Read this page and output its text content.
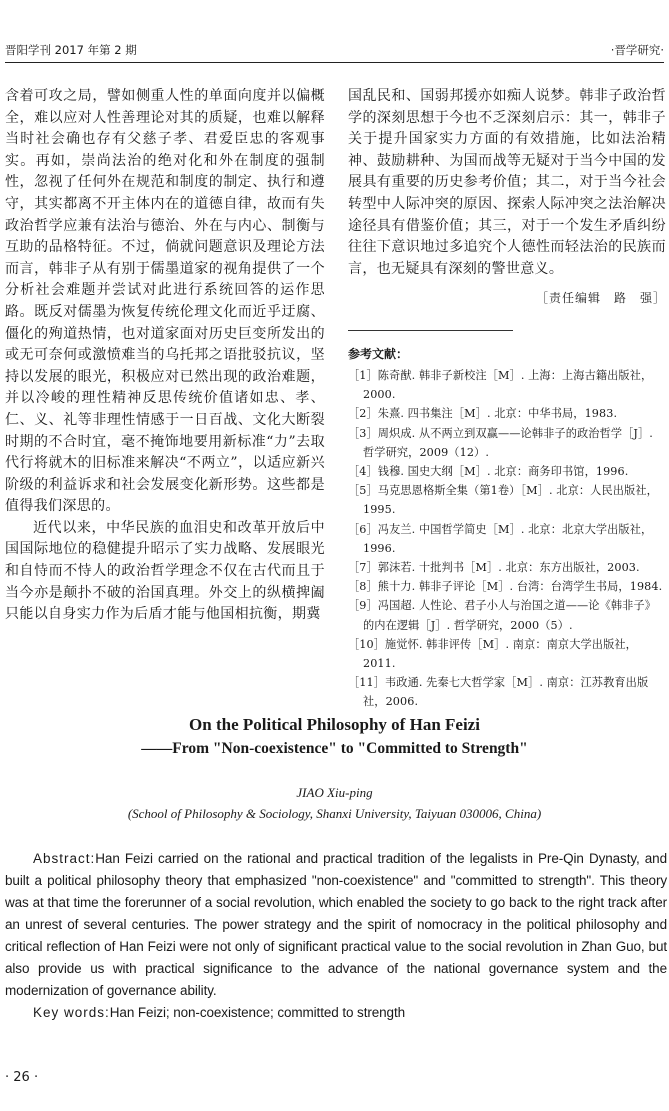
晋阳学刊 2017 年第 2 期	·晋学研究·

含着可攻之局，譬如侧重人性的单面向度并以偏概全，难以应对人性善理论对其的质疑，也难以解释当时社会确也存有父慈子孝、君爱臣忠的客观事实。再如，崇尚法治的绝对化和外在制度的强制性，忽视了任何外在规范和制度的制定、执行和遵守，其实都离不开主体内在的道德自律，故而有失政治哲学应兼有法治与德治、外在与内心、制衡与互助的品格特征。不过，倘就问题意识及理论方法而言，韩非子从有别于儒墨道家的视角提供了一个分析社会难题并尝试对此进行系统回答的运作思路。既反对儒墨为恢复传统伦理文化而近乎迂腐、僵化的殉道热情，也对道家面对历史巨变所发出的或无可奈何或激愤难当的乌托邦之语批驳抗议，坚持以发展的眼光，积极应对已然出现的政治难题，并以冷峻的理性精神反思传统价值诸如忠、孝、仁、义、礼等非理性情感于一日百战、文化大断裂时期的不合时宜，毫不掩饰地要用新标准“力”去取代行将就木的旧标准来解决“不两立”，以适应新兴阶级的利益诉求和社会发展变化新形势。这些都是值得我们深思的。

近代以来，中华民族的血泪史和改革开放后中国国际地位的稳健提升昭示了实力战略、发展眼光和自恃而不恃人的政治哲学理念不仅在古代而且于当今亦是颠扑不破的治国真理。外交上的纵横捭阖只能以自身实力作为后盾才能与他国相抗衡，期冀

国乱民和、国弱邦援亦如痴人说梦。韩非子政治哲学的深刻思想于今也不乏深刻启示：其一，韩非子关于提升国家实力方面的有效措施，比如法治精神、鼓励耕种、为国而战等无疑对于当今中国的发展具有重要的历史参考价值；其二，对于当今社会转型中人际冲突的原因、探索人际冲突之法治解决途径具有借鉴价值；其三，对于一个发生矛盾纠纷往往下意识地过多追究个人德性而轻法治的民族而言，也无疑具有深刻的警世意义。

［责任编辑　路　强］
参考文献：
［1］陈奇猷. 韩非子新校注［M］. 上海：上海古籍出版社，2000.
［2］朱熹. 四书集注［M］. 北京：中华书局，1983.
［3］周炽成. 从不两立到双赢——论韩非子的政治哲学［J］. 哲学研究，2009（12）.
［4］钱穆. 国史大纲［M］. 北京：商务印书馆，1996.
［5］马克思恩格斯全集（第1卷）［M］. 北京：人民出版社，1995.
［6］冯友兰. 中国哲学简史［M］. 北京：北京大学出版社，1996.
［7］郭沫若. 十批判书［M］. 北京：东方出版社，2003.
［8］熊十力. 韩非子评论［M］. 台湾：台湾学生书局，1984.
［9］冯国超. 人性论、君子小人与治国之道——论《韩非子》的内在逻辑［J］. 哲学研究，2000（5）.
［10］施觉怀. 韩非评传［M］. 南京：南京大学出版社，2011.
［11］韦政通. 先秦七大哲学家［M］. 南京：江苏教育出版社，2006.
On the Political Philosophy of Han Feizi
——From "Non-coexistence" to "Committed to Strength"
JIAO Xiu-ping
(School of Philosophy & Sociology, Shanxi University, Taiyuan 030006, China)

Abstract:Han Feizi carried on the rational and practical tradition of the legalists in Pre-Qin Dynasty, and built a political philosophy theory that emphasized "non-coexistence" and "committed to strength". This theory was at that time the forerunner of a social revolution, which enabled the society to go back to the right track after an unrest of several centuries. The power strategy and the spirit of nomocracy in the political philosophy and critical reflection of Han Feizi were not only of significant practical value to the social revolution in Zhan Guo, but also provide us with practical significance to the advance of the national governance system and the modernization of governance ability.

Key words:Han Feizi; non-coexistence; committed to strength

· 26 ·
